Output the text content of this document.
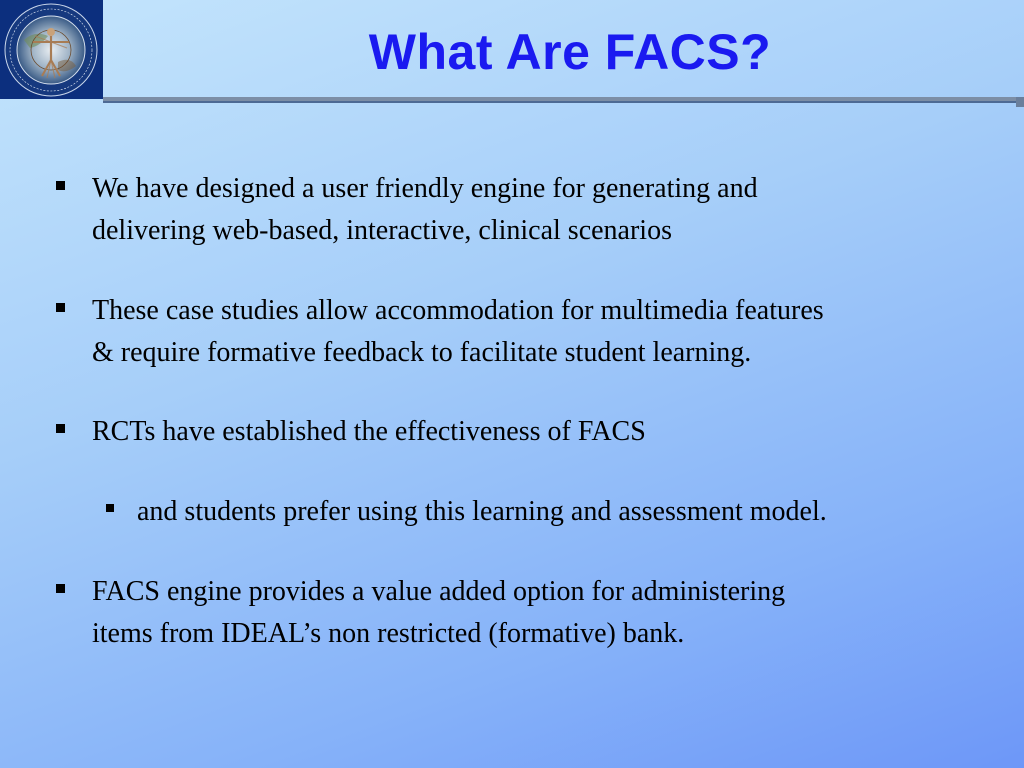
What Are FACS?
We have designed a user friendly engine for generating and
delivering web-based, interactive, clinical scenarios
These case studies allow accommodation for multimedia features
& require formative feedback to facilitate student learning.
RCTs have established the effectiveness of FACS
and students prefer using this learning and assessment model.
FACS engine provides a value added option for administering
items from IDEAL’s non restricted (formative) bank.
